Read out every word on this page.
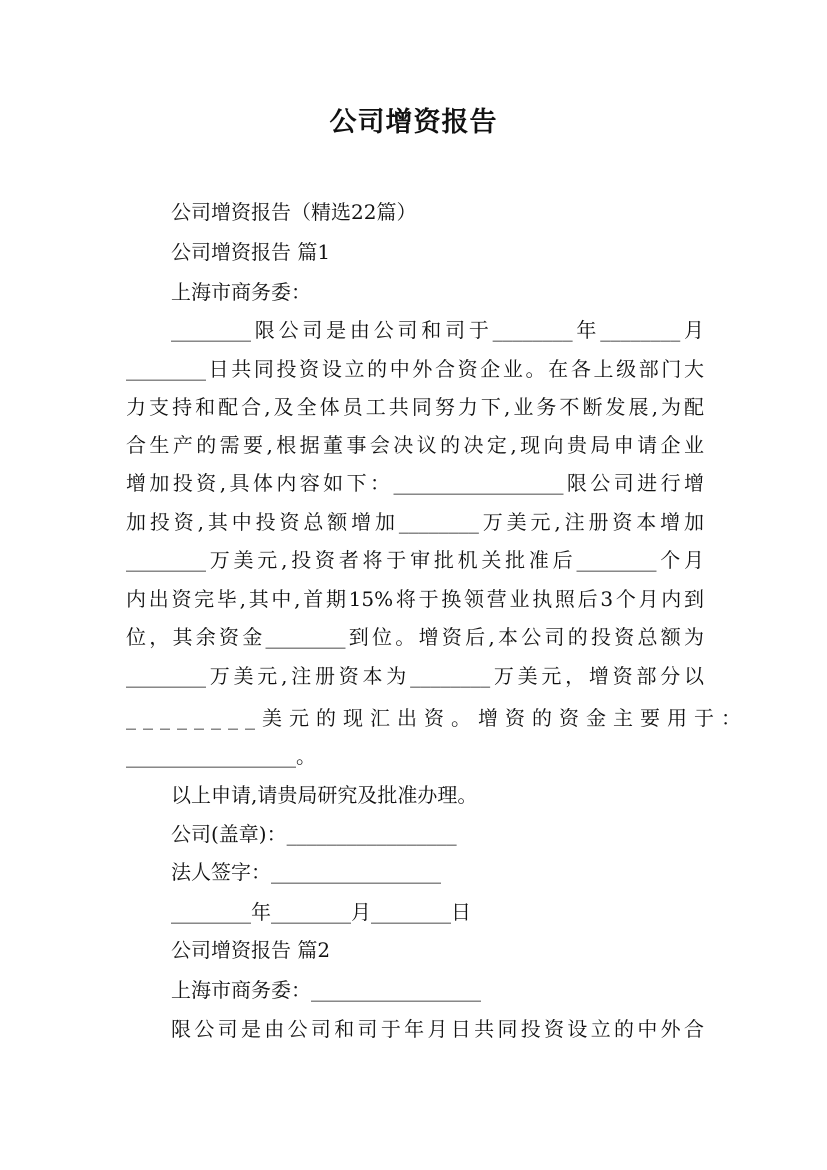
公司增资报告
公司增资报告（精选22篇）
公司增资报告 篇1
上海市商务委：
________限公司是由公司和司于________年________月
________日共同投资设立的中外合资企业。在各上级部门大
力支持和配合,及全体员工共同努力下,业务不断发展,为配
合生产的需要,根据董事会决议的决定,现向贵局申请企业
增加投资,具体内容如下：_________________限公司进行增
加投资,其中投资总额增加________万美元,注册资本增加
________万美元,投资者将于审批机关批准后________个月
内出资完毕,其中,首期15%将于换领营业执照后3个月内到
位，其余资金________到位。增资后,本公司的投资总额为
________万美元,注册资本为________万美元，增资部分以
________美元的现汇出资。增资的资金主要用于：
_________________。
以上申请,请贵局研究及批准办理。
公司(盖章)：_________________
法人签字：_________________
________年________月________日
公司增资报告 篇2
上海市商务委：_________________
限公司是由公司和司于年月日共同投资设立的中外合
